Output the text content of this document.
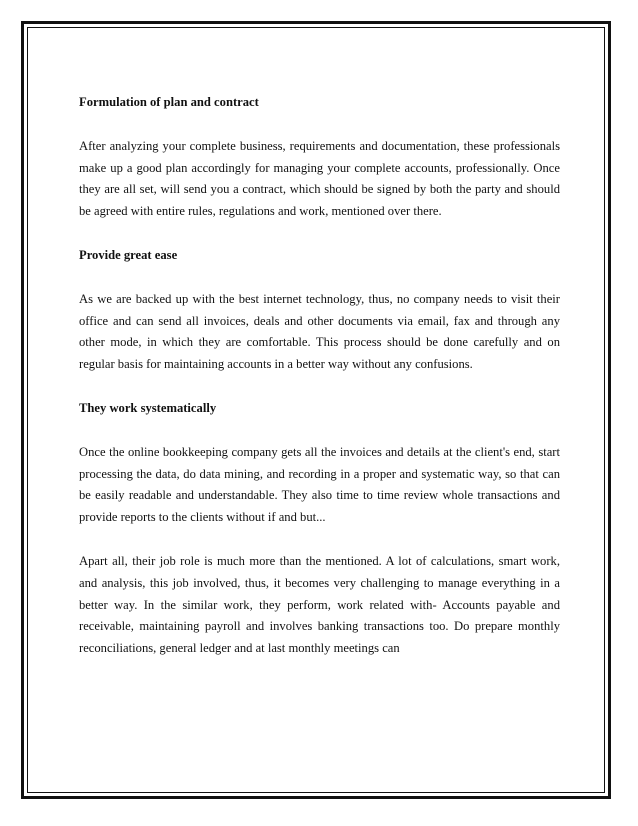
Formulation of plan and contract

After analyzing your complete business, requirements and documentation, these professionals make up a good plan accordingly for managing your complete accounts, professionally. Once they are all set, will send you a contract, which should be signed by both the party and should be agreed with entire rules, regulations and work, mentioned over there.

Provide great ease

As we are backed up with the best internet technology, thus, no company needs to visit their office and can send all invoices, deals and other documents via email, fax and through any other mode, in which they are comfortable. This process should be done carefully and on regular basis for maintaining accounts in a better way without any confusions.

They work systematically

Once the online bookkeeping company gets all the invoices and details at the client's end, start processing the data, do data mining, and recording in a proper and systematic way, so that can be easily readable and understandable. They also time to time review whole transactions and provide reports to the clients without if and but...

Apart all, their job role is much more than the mentioned. A lot of calculations, smart work, and analysis, this job involved, thus, it becomes very challenging to manage everything in a better way. In the similar work, they perform, work related with- Accounts payable and receivable, maintaining payroll and involves banking transactions too. Do prepare monthly reconciliations, general ledger and at last monthly meetings can
